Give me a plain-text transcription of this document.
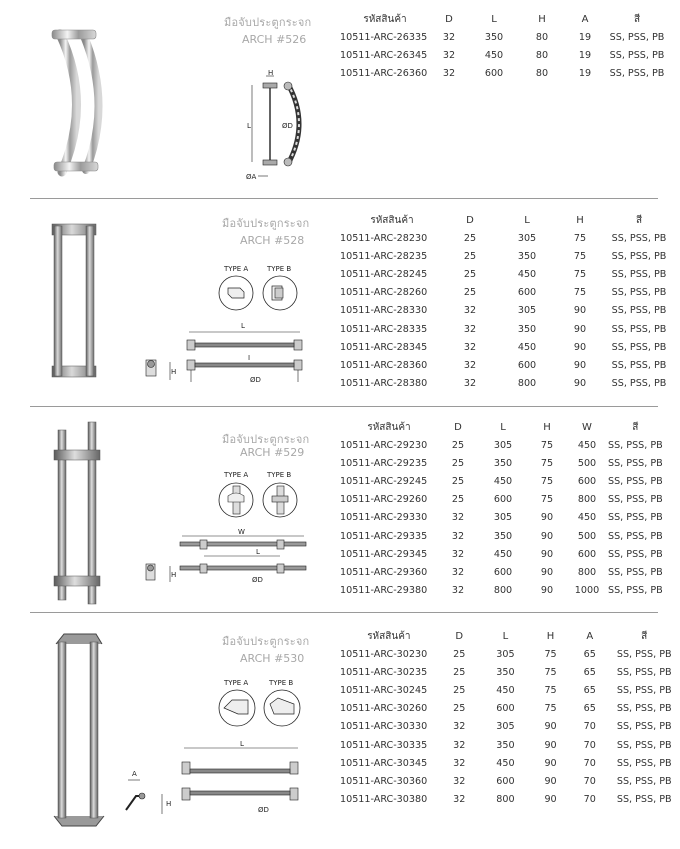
มือจับประตูกระจก
ARCH #526
H
L	ØD
ØA
รหัสสินค้า	D	L	H	A	สี
10511-ARC-26335	32	350	80	19	SS, PSS, PB
10511-ARC-26345	32	450	80	19	SS, PSS, PB
10511-ARC-26360	32	600	80	19	SS, PSS, PB
มือจับประตูกระจก
ARCH #528
TYPE A	TYPE B
L
I
ØD
H
รหัสสินค้า	D	L	H	สี
10511-ARC-28230	25	305	75	SS, PSS, PB
10511-ARC-28235	25	350	75	SS, PSS, PB
10511-ARC-28245	25	450	75	SS, PSS, PB
10511-ARC-28260	25	600	75	SS, PSS, PB
10511-ARC-28330	32	305	90	SS, PSS, PB
10511-ARC-28335	32	350	90	SS, PSS, PB
10511-ARC-28345	32	450	90	SS, PSS, PB
10511-ARC-28360	32	600	90	SS, PSS, PB
10511-ARC-28380	32	800	90	SS, PSS, PB
มือจับประตูกระจก
ARCH #529
TYPE A	TYPE B
W
L
ØD
H
รหัสสินค้า	D	L	H	W	สี
10511-ARC-29230	25	305	75	450	SS, PSS, PB
10511-ARC-29235	25	350	75	500	SS, PSS, PB
10511-ARC-29245	25	450	75	600	SS, PSS, PB
10511-ARC-29260	25	600	75	800	SS, PSS, PB
10511-ARC-29330	32	305	90	450	SS, PSS, PB
10511-ARC-29335	32	350	90	500	SS, PSS, PB
10511-ARC-29345	32	450	90	600	SS, PSS, PB
10511-ARC-29360	32	600	90	800	SS, PSS, PB
10511-ARC-29380	32	800	90	1000	SS, PSS, PB
มือจับประตูกระจก
ARCH #530
TYPE A	TYPE B
L
ØD
A
H
รหัสสินค้า	D	L	H	A	สี
10511-ARC-30230	25	305	75	65	SS, PSS, PB
10511-ARC-30235	25	350	75	65	SS, PSS, PB
10511-ARC-30245	25	450	75	65	SS, PSS, PB
10511-ARC-30260	25	600	75	65	SS, PSS, PB
10511-ARC-30330	32	305	90	70	SS, PSS, PB
10511-ARC-30335	32	350	90	70	SS, PSS, PB
10511-ARC-30345	32	450	90	70	SS, PSS, PB
10511-ARC-30360	32	600	90	70	SS, PSS, PB
10511-ARC-30380	32	800	90	70	SS, PSS, PB
